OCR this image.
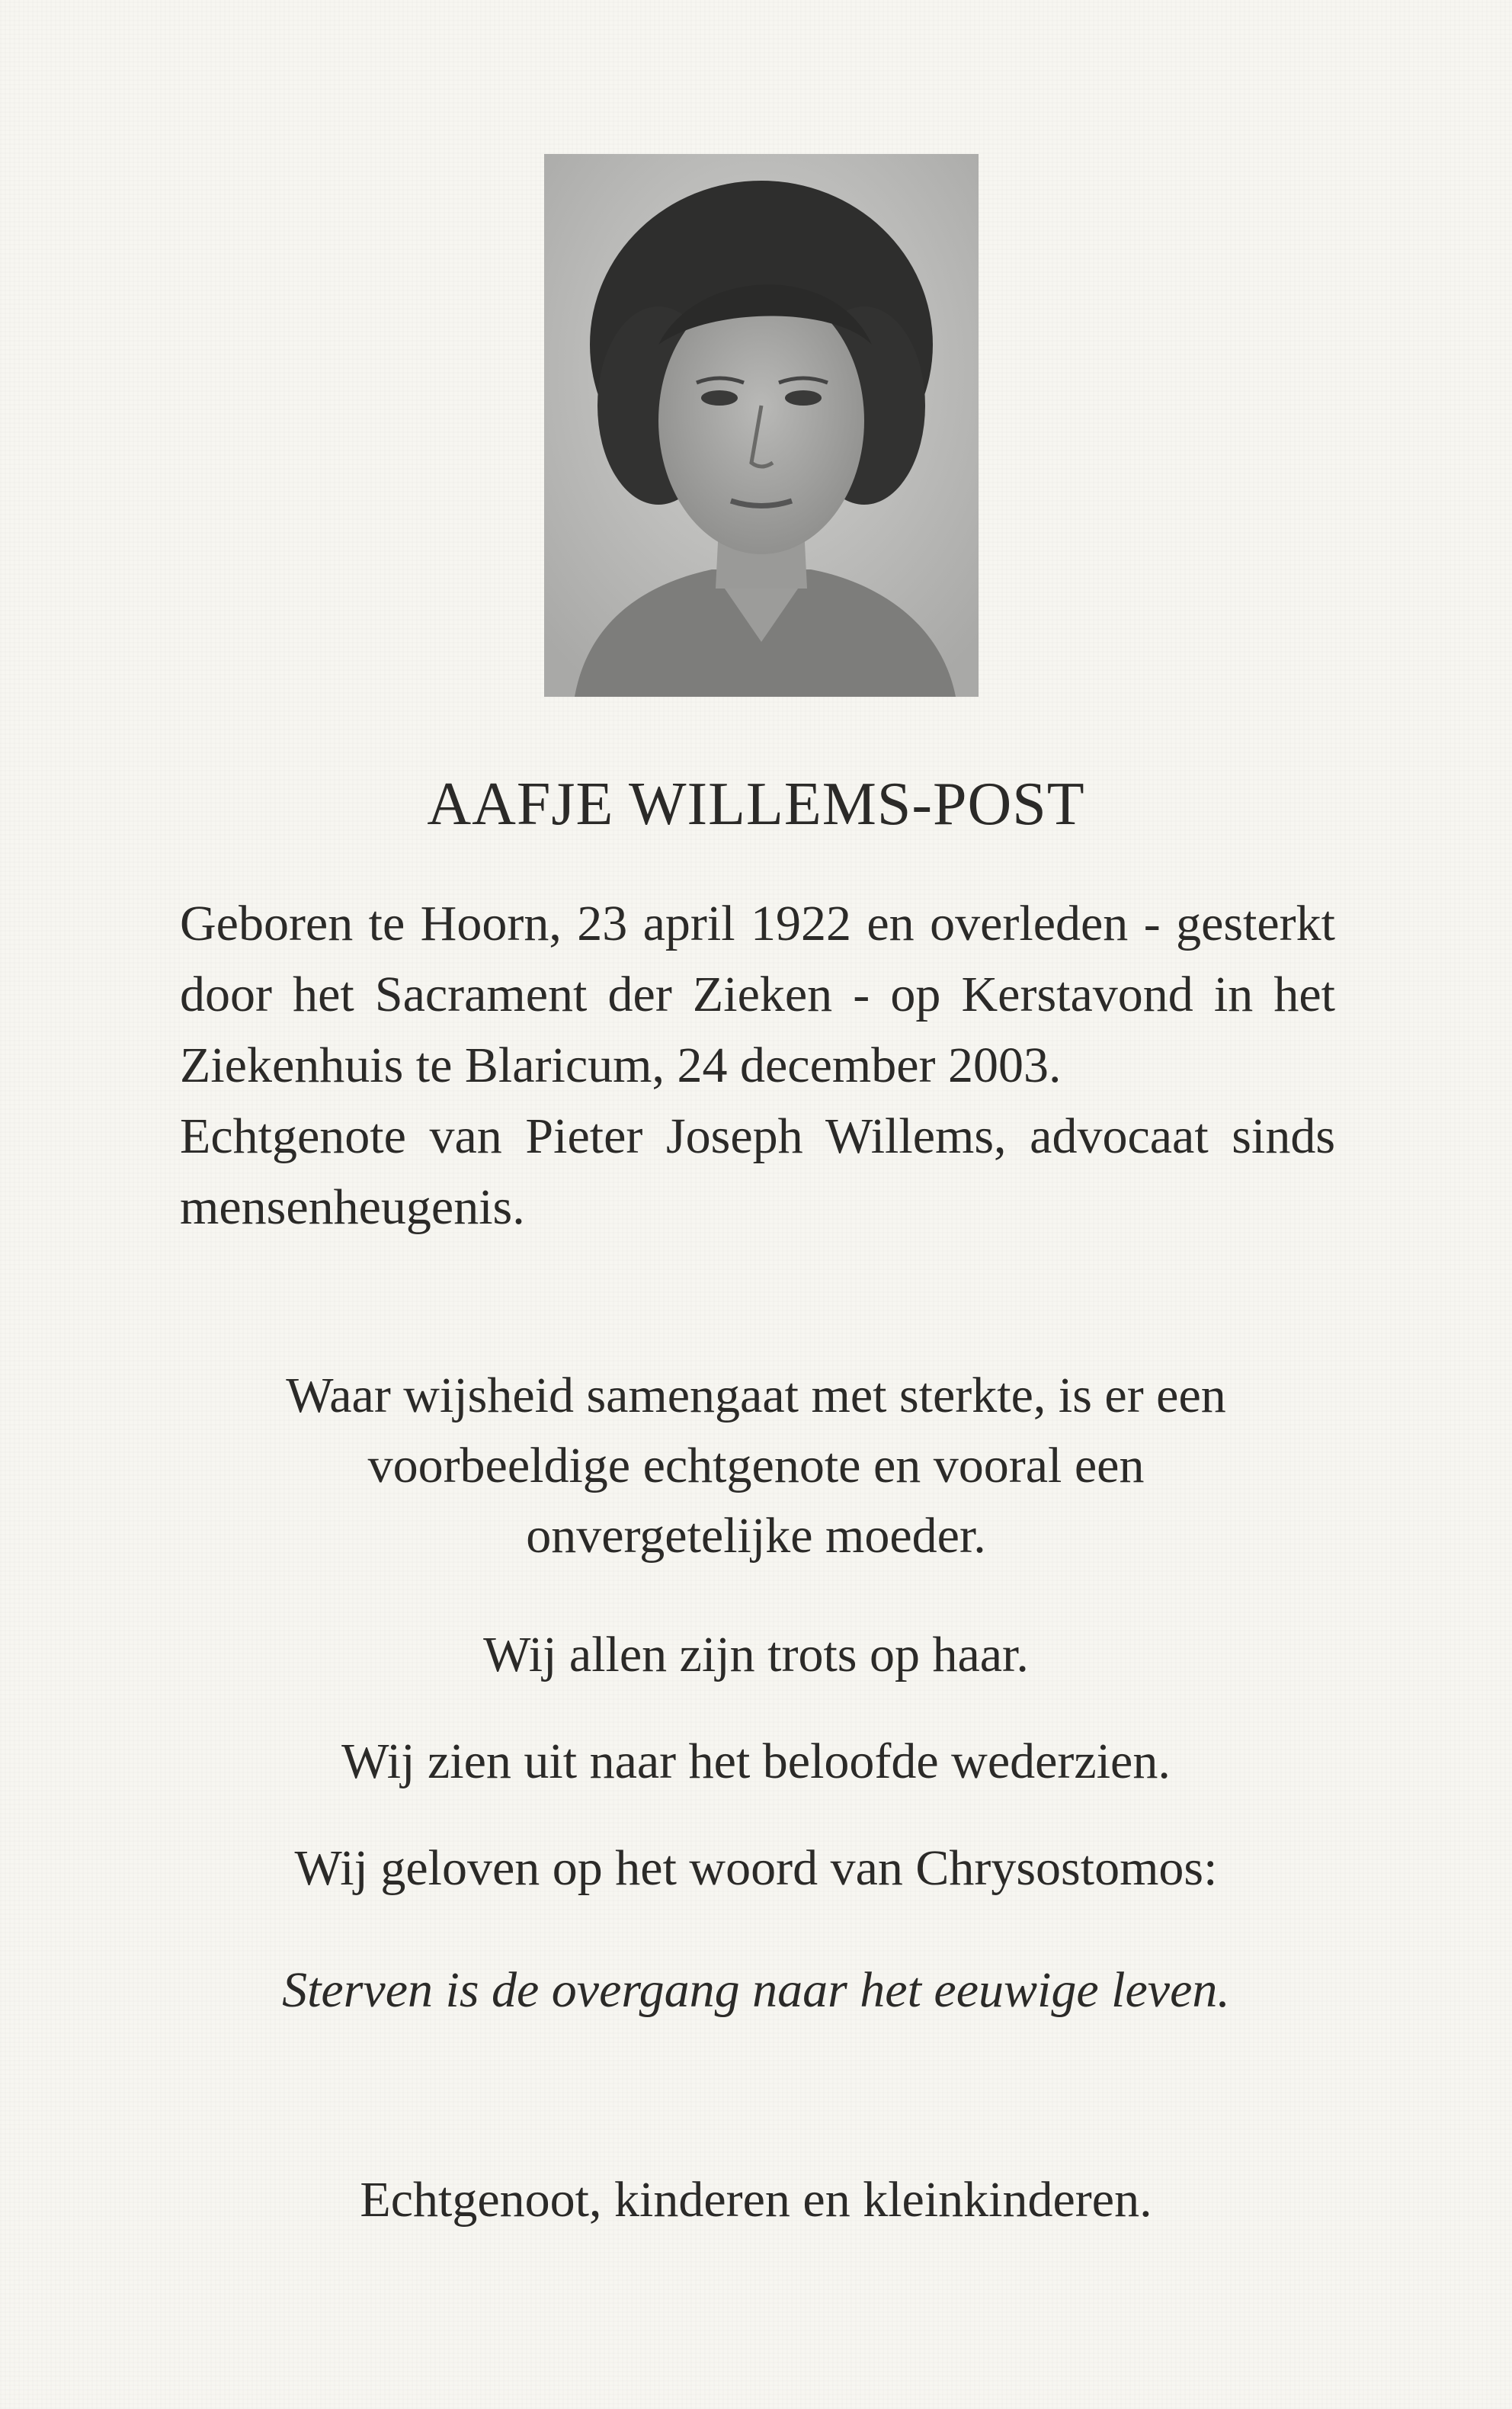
AAFJE WILLEMS-POST

Geboren te Hoorn, 23 april 1922 en overleden - gesterkt door het Sacrament der Zieken - op Kerstavond in het Ziekenhuis te Blaricum, 24 december 2003.

Echtgenote van Pieter Joseph Willems, advocaat sinds mensenheugenis.

Waar wijsheid samengaat met sterkte, is er een
voorbeeldige echtgenote en vooral een
onvergetelijke moeder.
Wij allen zijn trots op haar.
Wij zien uit naar het beloofde wederzien.
Wij geloven op het woord van Chrysostomos:
Sterven is de overgang naar het eeuwige leven.
Echtgenoot, kinderen en kleinkinderen.
